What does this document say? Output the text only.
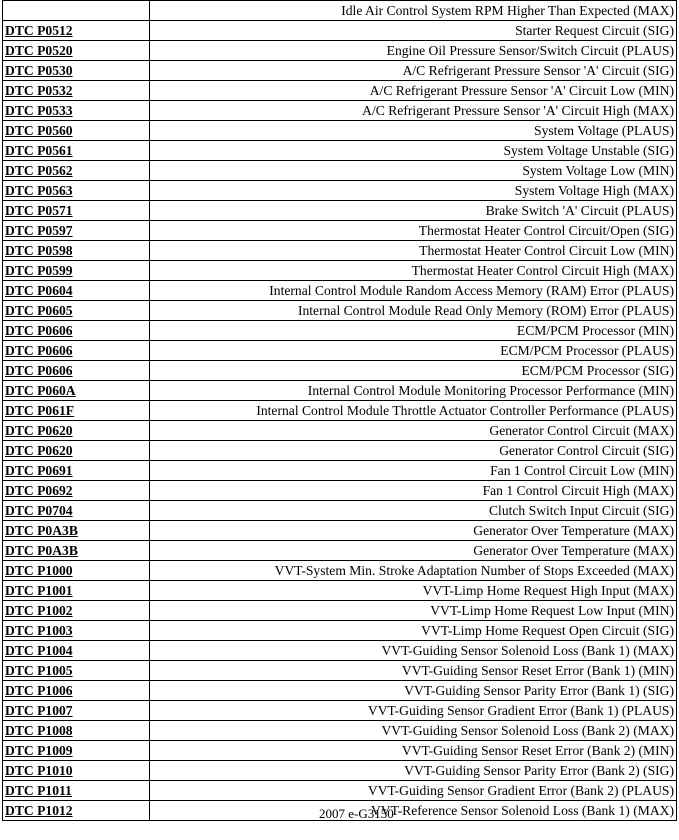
	Idle Air Control System RPM Higher Than Expected (MAX)
DTC P0512	Starter Request Circuit (SIG)
DTC P0520	Engine Oil Pressure Sensor/Switch Circuit (PLAUS)
DTC P0530	A/C Refrigerant Pressure Sensor 'A' Circuit (SIG)
DTC P0532	A/C Refrigerant Pressure Sensor 'A' Circuit Low (MIN)
DTC P0533	A/C Refrigerant Pressure Sensor 'A' Circuit High (MAX)
DTC P0560	System Voltage (PLAUS)
DTC P0561	System Voltage Unstable (SIG)
DTC P0562	System Voltage Low (MIN)
DTC P0563	System Voltage High (MAX)
DTC P0571	Brake Switch 'A' Circuit (PLAUS)
DTC P0597	Thermostat Heater Control Circuit/Open (SIG)
DTC P0598	Thermostat Heater Control Circuit Low (MIN)
DTC P0599	Thermostat Heater Control Circuit High (MAX)
DTC P0604	Internal Control Module Random Access Memory (RAM) Error (PLAUS)
DTC P0605	Internal Control Module Read Only Memory (ROM) Error (PLAUS)
DTC P0606	ECM/PCM Processor (MIN)
DTC P0606	ECM/PCM Processor (PLAUS)
DTC P0606	ECM/PCM Processor (SIG)
DTC P060A	Internal Control Module Monitoring Processor Performance (MIN)
DTC P061F	Internal Control Module Throttle Actuator Controller Performance (PLAUS)
DTC P0620	Generator Control Circuit (MAX)
DTC P0620	Generator Control Circuit (SIG)
DTC P0691	Fan 1 Control Circuit Low (MIN)
DTC P0692	Fan 1 Control Circuit High (MAX)
DTC P0704	Clutch Switch Input Circuit (SIG)
DTC P0A3B	Generator Over Temperature (MAX)
DTC P0A3B	Generator Over Temperature (MAX)
DTC P1000	VVT-System Min. Stroke Adaptation Number of Stops Exceeded (MAX)
DTC P1001	VVT-Limp Home Request High Input (MAX)
DTC P1002	VVT-Limp Home Request Low Input (MIN)
DTC P1003	VVT-Limp Home Request Open Circuit (SIG)
DTC P1004	VVT-Guiding Sensor Solenoid Loss (Bank 1) (MAX)
DTC P1005	VVT-Guiding Sensor Reset Error (Bank 1) (MIN)
DTC P1006	VVT-Guiding Sensor Parity Error (Bank 1) (SIG)
DTC P1007	VVT-Guiding Sensor Gradient Error (Bank 1) (PLAUS)
DTC P1008	VVT-Guiding Sensor Solenoid Loss (Bank 2) (MAX)
DTC P1009	VVT-Guiding Sensor Reset Error (Bank 2) (MIN)
DTC P1010	VVT-Guiding Sensor Parity Error (Bank 2) (SIG)
DTC P1011	VVT-Guiding Sensor Gradient Error (Bank 2) (PLAUS)
DTC P1012	VVT-Reference Sensor Solenoid Loss (Bank 1) (MAX)
2007 e-G3150
